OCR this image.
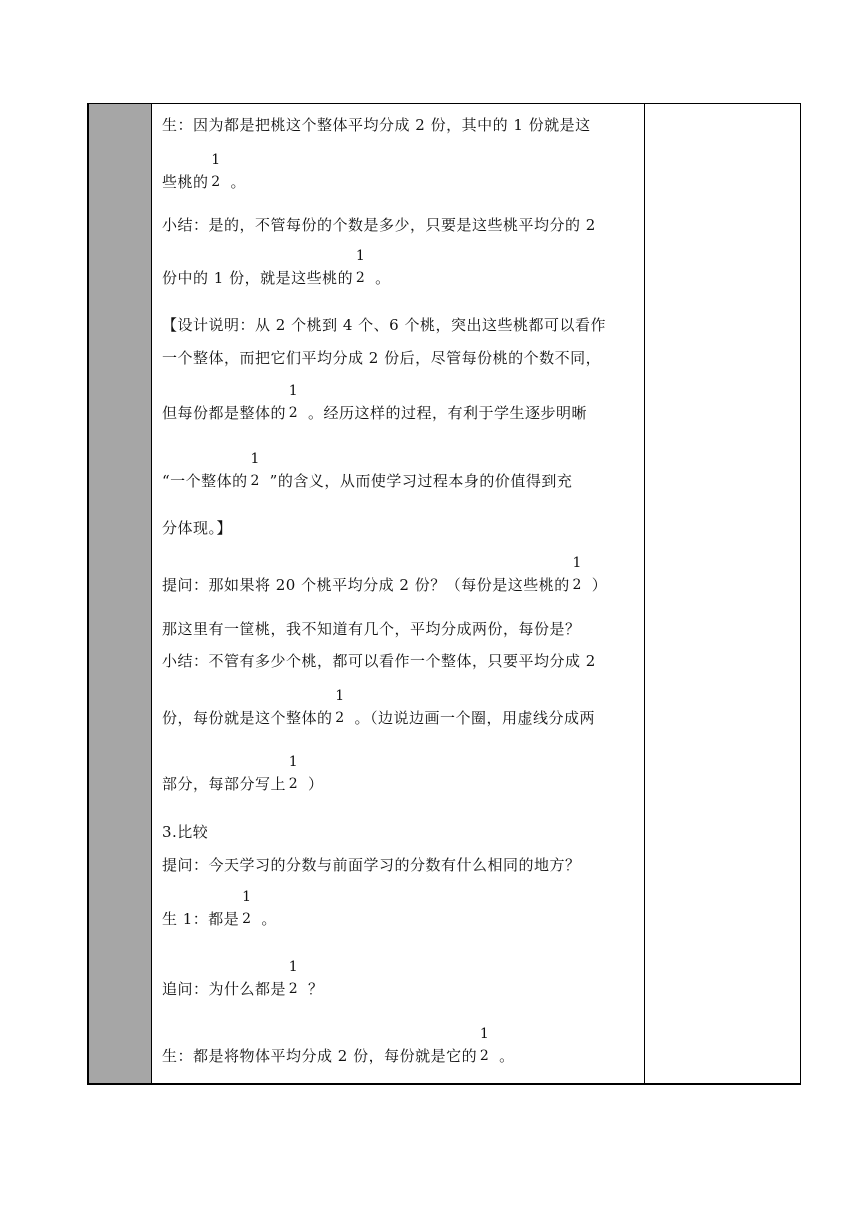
生：因为都是把桃这个整体平均分成 2 份，其中的 1 份就是这
些桃的
1
2 。
小结：是的，不管每份的个数是多少，只要是这些桃平均分的 2
份中的 1 份，就是这些桃的
1
2 。
【设计说明：从 2 个桃到 4 个、6 个桃，突出这些桃都可以看作
一个整体，而把它们平均分成 2 份后，尽管每份桃的个数不同，
但每份都是整体的
1
2 。经历这样的过程，有利于学生逐步明晰
“一个整体的
1
2 ”的含义，从而使学习过程本身的价值得到充
分体现。】
提问：那如果将 20 个桃平均分成 2 份？（每份是这些桃的
1
2 ）
那这里有一筐桃，我不知道有几个，平均分成两份，每份是？
小结：不管有多少个桃，都可以看作一个整体，只要平均分成 2
份，每份就是这个整体的
1
2 。（边说边画一个圈，用虚线分成两
部分，每部分写上
1
2 ）
3.比较
提问：今天学习的分数与前面学习的分数有什么相同的地方？
生 1：都是
1
2 。
追问：为什么都是
1
2 ？
生：都是将物体平均分成 2 份，每份就是它的
1
2 。
